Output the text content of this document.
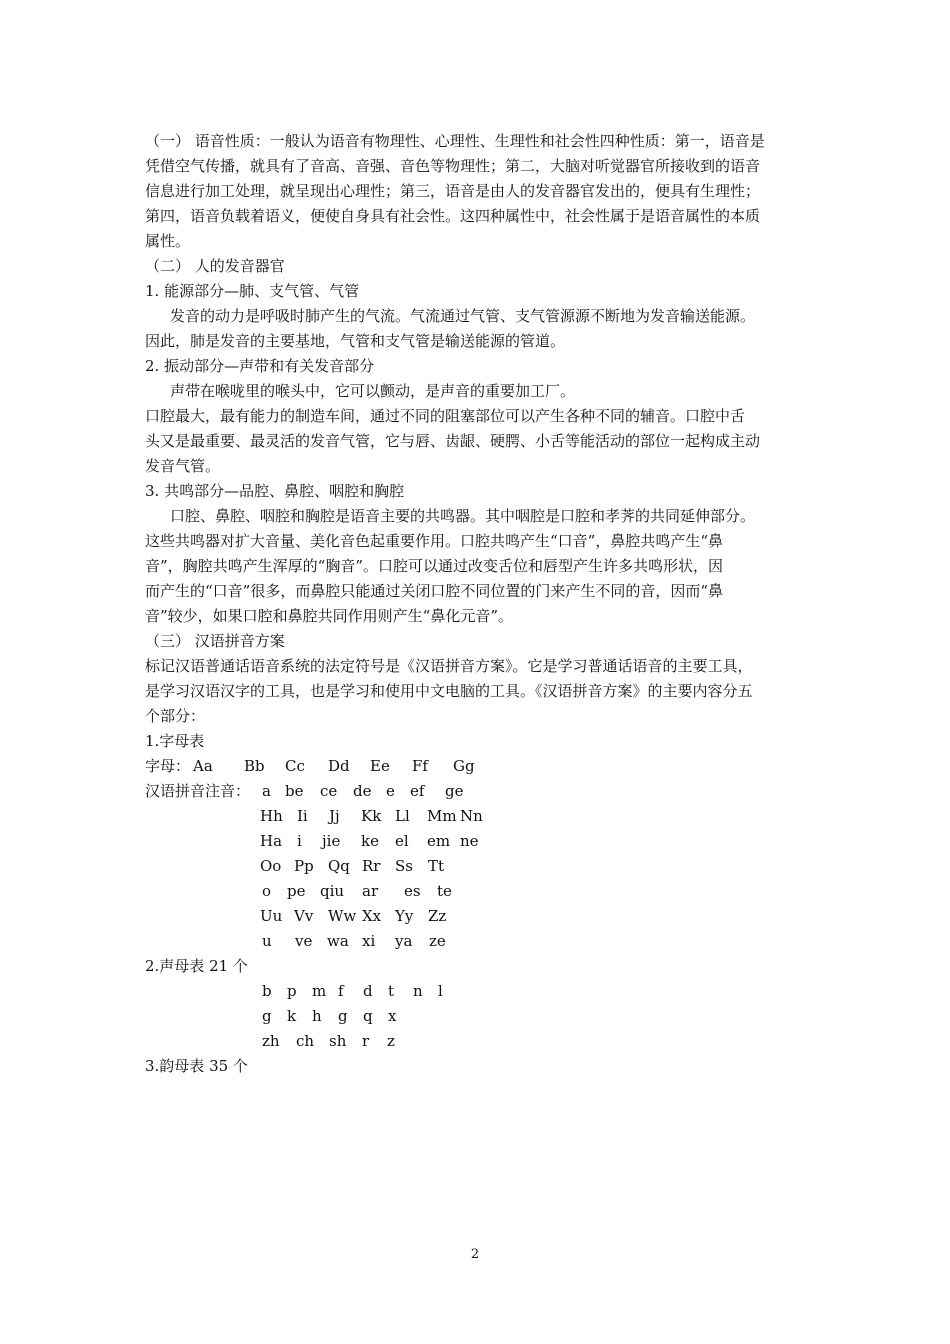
（一） 语音性质：一般认为语音有物理性、心理性、生理性和社会性四种性质：第一，语音是
凭借空气传播，就具有了音高、音强、音色等物理性；第二，大脑对听觉器官所接收到的语音
信息进行加工处理，就呈现出心理性；第三，语音是由人的发音器官发出的，便具有生理性；
第四，语音负载着语义，便使自身具有社会性。这四种属性中，社会性属于是语音属性的本质
属性。
（二） 人的发音器官
1. 能源部分—肺、支气管、气管
发音的动力是呼吸时肺产生的气流。气流通过气管、支气管源源不断地为发音输送能源。
因此，肺是发音的主要基地，气管和支气管是输送能源的管道。
2. 振动部分—声带和有关发音部分
声带在喉咙里的喉头中，它可以颤动，是声音的重要加工厂。
口腔最大，最有能力的制造车间，通过不同的阻塞部位可以产生各种不同的辅音。口腔中舌
头又是最重要、最灵活的发音气管，它与唇、齿龈、硬腭、小舌等能活动的部位一起构成主动
发音气管。
3. 共鸣部分—品腔、鼻腔、咽腔和胸腔
口腔、鼻腔、咽腔和胸腔是语音主要的共鸣器。其中咽腔是口腔和孝荠的共同延伸部分。
这些共鸣器对扩大音量、美化音色起重要作用。口腔共鸣产生“口音”，鼻腔共鸣产生“鼻
音”，胸腔共鸣产生浑厚的“胸音”。口腔可以通过改变舌位和唇型产生许多共鸣形状，因
而产生的“口音”很多，而鼻腔只能通过关闭口腔不同位置的门来产生不同的音，因而“鼻
音”较少，如果口腔和鼻腔共同作用则产生“鼻化元音”。
（三） 汉语拼音方案
标记汉语普通话语音系统的法定符号是《汉语拼音方案》。它是学习普通话语音的主要工具，
是学习汉语汉字的工具，也是学习和使用中文电脑的工具。《汉语拼音方案》的主要内容分五
个部分：
1.字母表
字母：
汉语拼音注音：
Aa Bb Cc Dd Ee Ff Gg
a be ce de e ef ge
Hh Ii Jj Kk Ll Mm Nn
Ha i jie ke el em ne
Oo Pp Qq Rr Ss Tt
o pe qiu ar es te
Uu Vv Ww Xx Yy Zz
u ve wa xi ya ze
2.声母表 21 个
b p m f d t n l
g k h g q x
zh ch sh r z
3.韵母表 35 个
2
